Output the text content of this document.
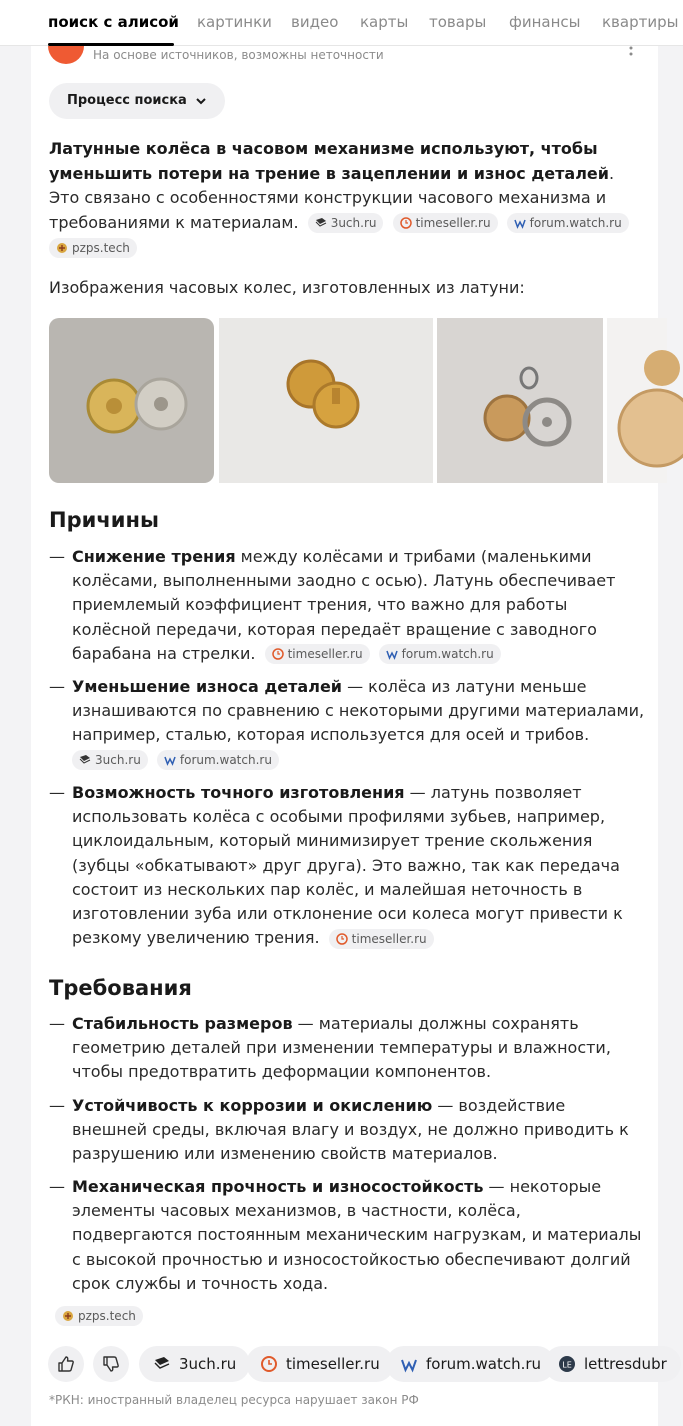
поиск с алисой картинки видео карты товары финансы квартиры
На основе источников, возможны неточности
Процесс поиска
Латунные колёса в часовом механизме используют, чтобы уменьшить потери на трение в зацеплении и износ деталей. Это связано с особенностями конструкции часового механизма и требованиями к материалам.	3uch.ru
	timeseller.ru
	forum.watch.ru

pzps.tech
Изображения часовых колес, изготовленных из латуни:
Причины
— Снижение трения между колёсами и трибами (маленькими колёсами, выполненными заодно с осью). Латунь обеспечивает приемлемый коэффициент трения, что важно для работы колёсной передачи, которая передаёт вращение с заводного барабана на стрелки.	timeseller.ru
	forum.watch.ru
— Уменьшение износа деталей — колёса из латуни меньше изнашиваются по сравнению с некоторыми другими материалами, например, сталью, которая используется для осей и трибов.
3uch.ru
	forum.watch.ru
— Возможность точного изготовления — латунь позволяет использовать колёса с особыми профилями зубьев, например, циклоидальным, который минимизирует трение скольжения (зубцы «обкатывают» друг друга). Это важно, так как передача состоит из нескольких пар колёс, и малейшая неточность в изготовлении зуба или отклонение оси колеса могут привести к резкому увеличению трения.	timeseller.ru
Требования
— Стабильность размеров — материалы должны сохранять геометрию деталей при изменении температуры и влажности, чтобы предотвратить деформации компонентов.
— Устойчивость к коррозии и окислению — воздействие внешней среды, включая влагу и воздух, не должно приводить к разрушению или изменению свойств материалов.
— Механическая прочность и износостойкость — некоторые элементы часовых механизмов, в частности, колёса, подвергаются постоянным механическим нагрузкам, и материалы с высокой прочностью и износостойкостью обеспечивают долгий срок службы и точность хода.
pzps.tech
3uch.ru	timeseller.ru	forum.watch.ru	LE lettresdubr
*РКН: иностранный владелец ресурса нарушает закон РФ
